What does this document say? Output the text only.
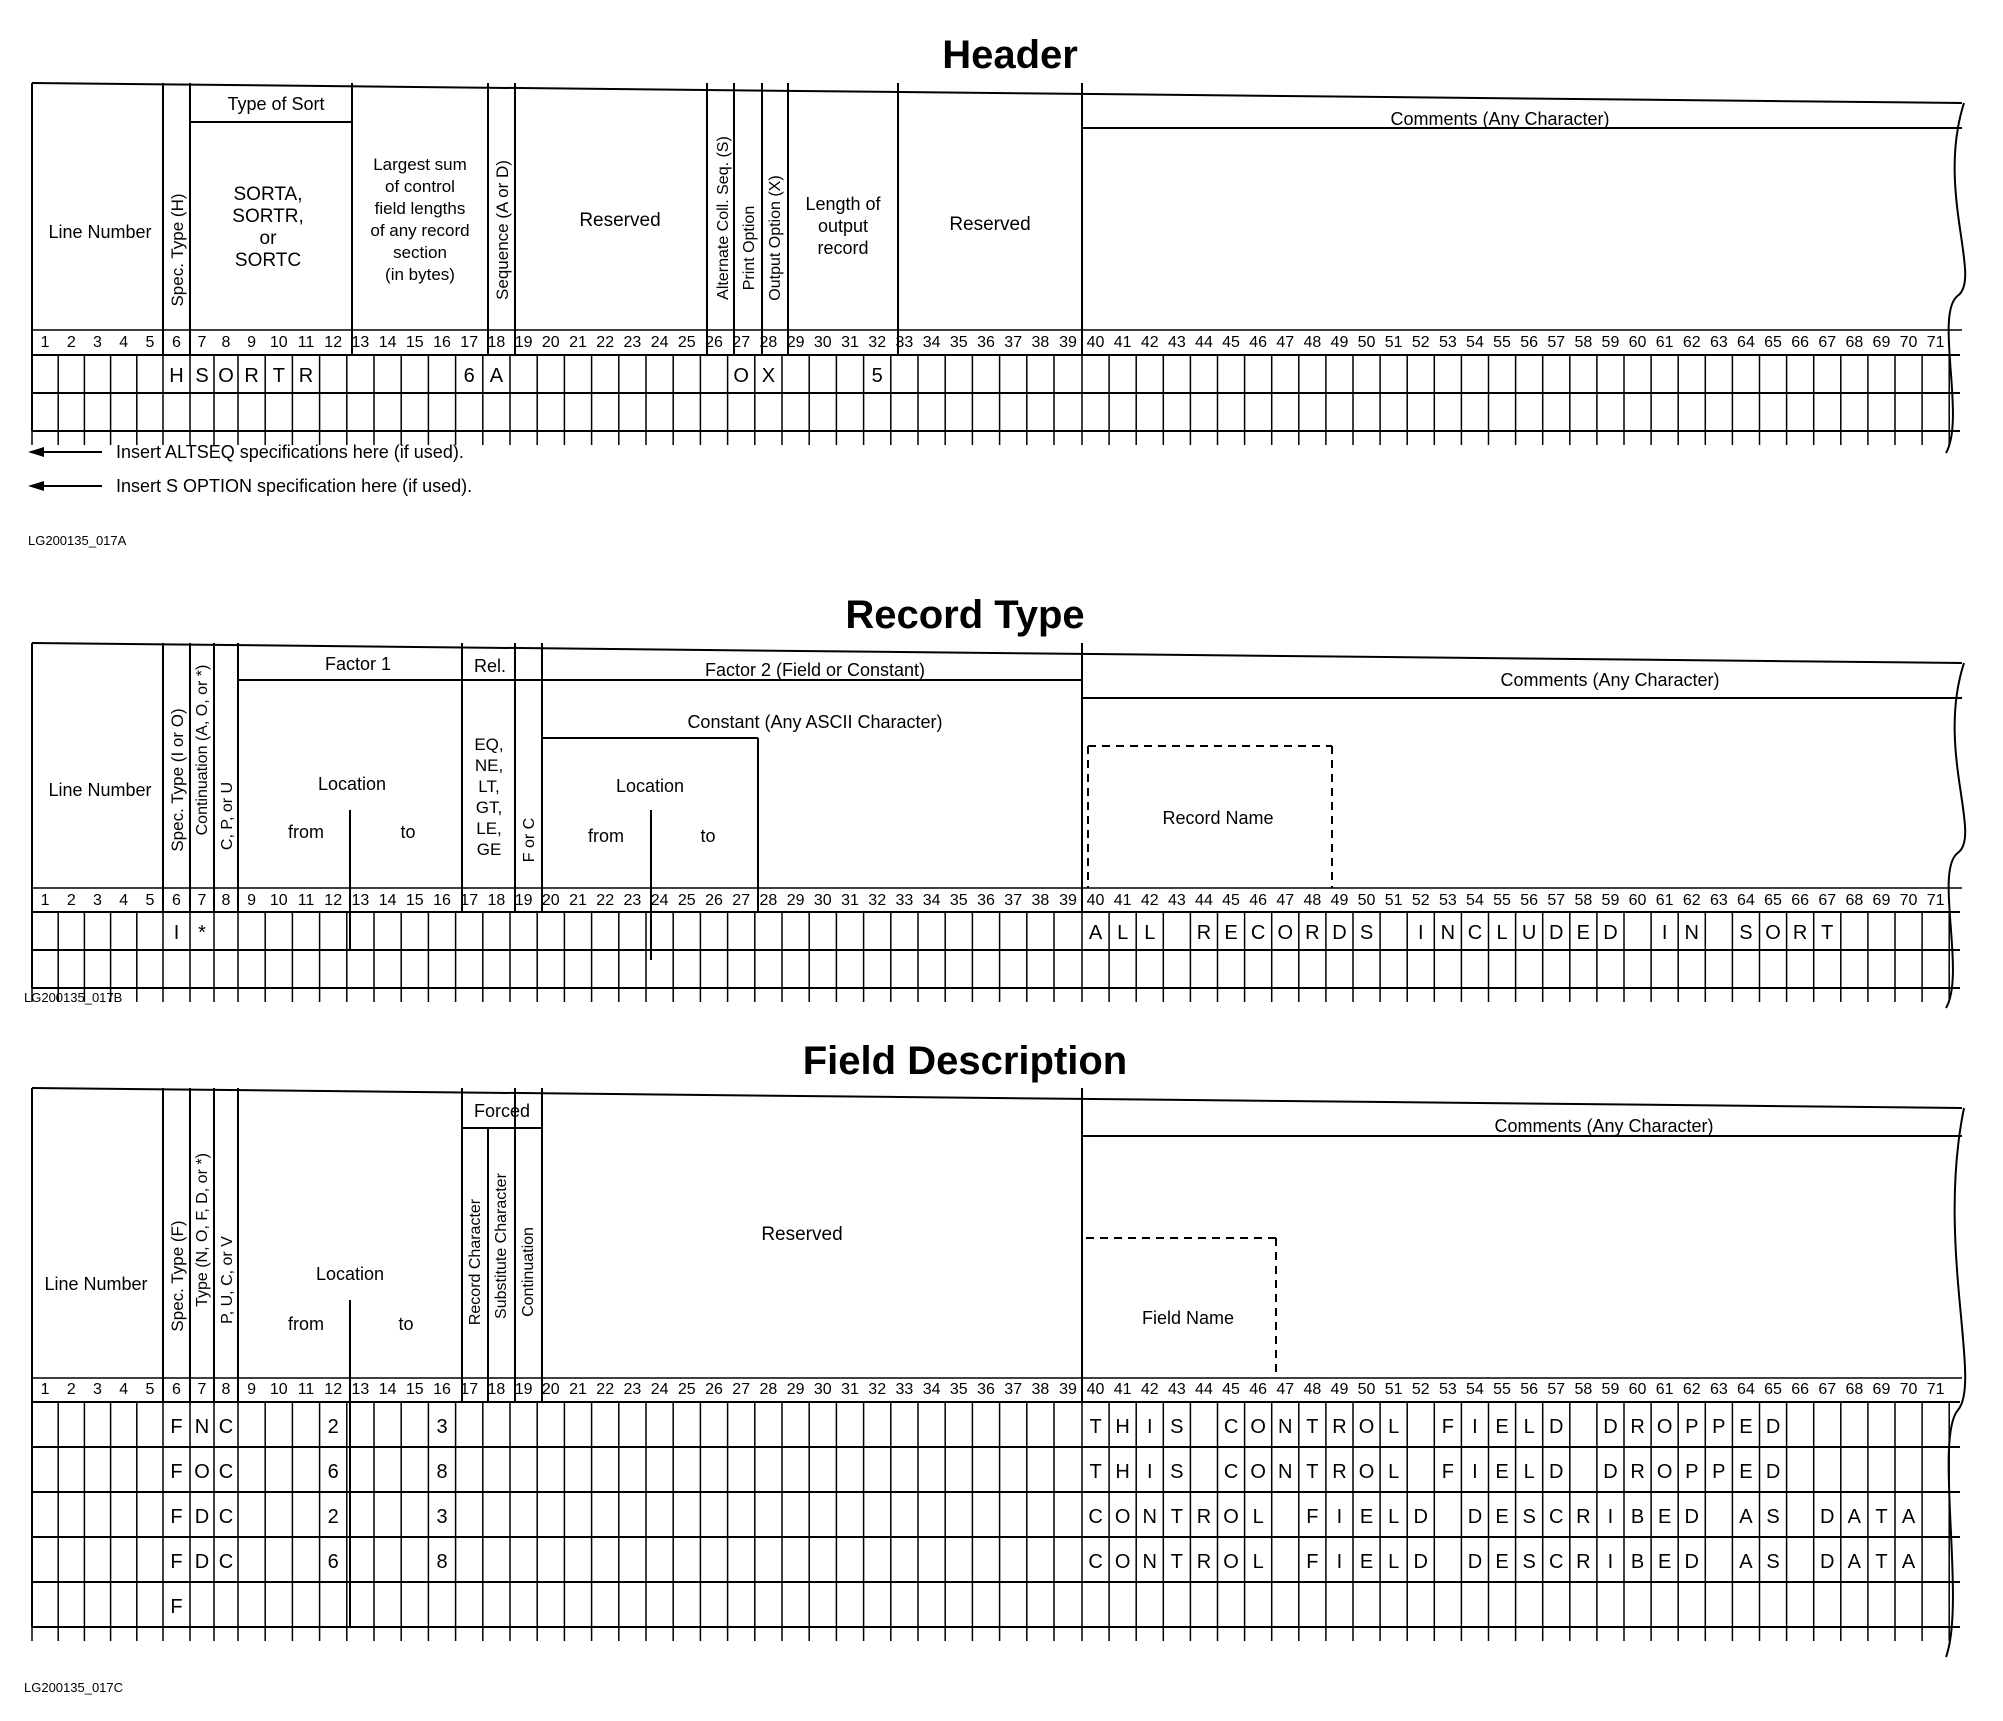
Header
Type of Sort
SORTA,
SORTR,
or
SORTC
Largest sum
of control
field lengths
of any record
section
(in bytes)
Reserved
Length of
output
record
Reserved
Comments (Any Character)
Line Number Spec. Type (H)	Sequence (A or D)	Alternate Coll. Seq. (S) Print Option Output Option (X)
1 2 3 4 5 6 7 8 9 10 11 12 13 14 15 16 17 18 19 20 21 22 23 24 25 26 27 28 29 30 31 32 33 34 35 36 37 38 39 40 41 42 43 44 45 46 47 48 49 50 51 52 53 54 55 56 57 58 59 60 61 62 63 64 65 66 67 68 69 70 71
H S O R T R	6 A	O X	5
Insert ALTSEQ specifications here (if used).
Insert S OPTION specification here (if used).
LG200135_017A
Record Type
Line Number Spec. Type (I or O) Continuation (A, O, or *) C, P, or U
Factor 1
Location
from	to
Rel.
EQ,
NE,
LT,
GT,
LE,
GE F or C
Factor 2 (Field or Constant)
Constant (Any ASCII Character)
Location
from	to
Comments (Any Character)
Record Name
1 2 3 4 5 6 7 8 9 10 11 12 13 14 15 16 17 18 19 20 21 22 23 24 25 26 27 28 29 30 31 32 33 34 35 36 37 38 39 40 41 42 43 44 45 46 47 48 49 50 51 52 53 54 55 56 57 58 59 60 61 62 63 64 65 66 67 68 69 70 71
I *	A L L R E C O R D S I N C L U D E D I N S O R T
LG200135_017B
Field Description
Line Number Spec. Type (F) Type (N, O, F, D, or *) P, U, C, or V	Location
from	to
Forced
Record Character Substitute Character Continuation	Reserved
Comments (Any Character)
Field Name
1 2 3 4 5 6 7 8 9 10 11 12 13 14 15 16 17 18 19 20 21 22 23 24 25 26 27 28 29 30 31 32 33 34 35 36 37 38 39 40 41 42 43 44 45 46 47 48 49 50 51 52 53 54 55 56 57 58 59 60 61 62 63 64 65 66 67 68 69 70 71
F N C	2	3	T H I S C O N T R O L F I E L D D R O P P E D
F O C	6	8	T H I S C O N T R O L F I E L D D R O P P E D
F D C	2	3	C O N T R O L F I E L D D E S C R I B E D A S D A T A
F D C	6	8	C O N T R O L F I E L D D E S C R I B E D A S D A T A
F
LG200135_017C
